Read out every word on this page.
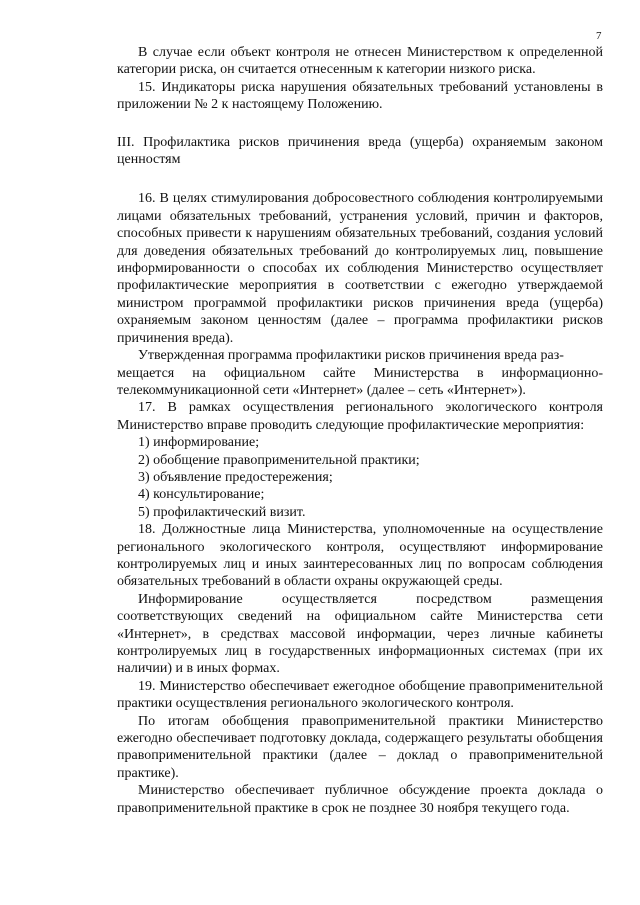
7

В случае если объект контроля не отнесен Министерством к определенной категории риска, он считается отнесенным к категории низкого риска.

15. Индикаторы риска нарушения обязательных требований установлены в приложении № 2 к настоящему Положению.

III. Профилактика рисков причинения вреда (ущерба) охраняемым законом ценностям

16. В целях стимулирования добросовестного соблюдения контролируемыми лицами обязательных требований, устранения условий, причин и факторов, способных привести к нарушениям обязательных требований, создания условий для доведения обязательных требований до контролируемых лиц, повышение информированности о способах их соблюдения Министерство осуществляет профилактические мероприятия в соответствии с ежегодно утверждаемой министром программой профилактики рисков причинения вреда (ущерба) охраняемым законом ценностям (далее – программа профилактики рисков причинения вреда).

Утвержденная программа профилактики рисков причинения вреда раз-

мещается на официальном сайте Министерства в информационно-

телекоммуникационной сети «Интернет» (далее – сеть «Интернет»).

17. В рамках осуществления регионального экологического контроля Министерство вправе проводить следующие профилактические мероприятия:

1) информирование;

2) обобщение правоприменительной практики;

3) объявление предостережения;

4) консультирование;

5) профилактический визит.

18. Должностные лица Министерства, уполномоченные на осуществление регионального экологического контроля, осуществляют информирование контролируемых лиц и иных заинтересованных лиц по вопросам соблюдения обязательных требований в области охраны окружающей среды.

Информирование осуществляется посредством размещения соответствующих сведений на официальном сайте Министерства сети «Интернет», в средствах массовой информации, через личные кабинеты контролируемых лиц в государственных информационных системах (при их наличии) и в иных формах.

19. Министерство обеспечивает ежегодное обобщение правоприменительной практики осуществления регионального экологического контроля.

По итогам обобщения правоприменительной практики Министерство ежегодно обеспечивает подготовку доклада, содержащего результаты обобщения правоприменительной практики (далее – доклад о правоприменительной практике).

Министерство обеспечивает публичное обсуждение проекта доклада о правоприменительной практике в срок не позднее 30 ноября текущего года.
